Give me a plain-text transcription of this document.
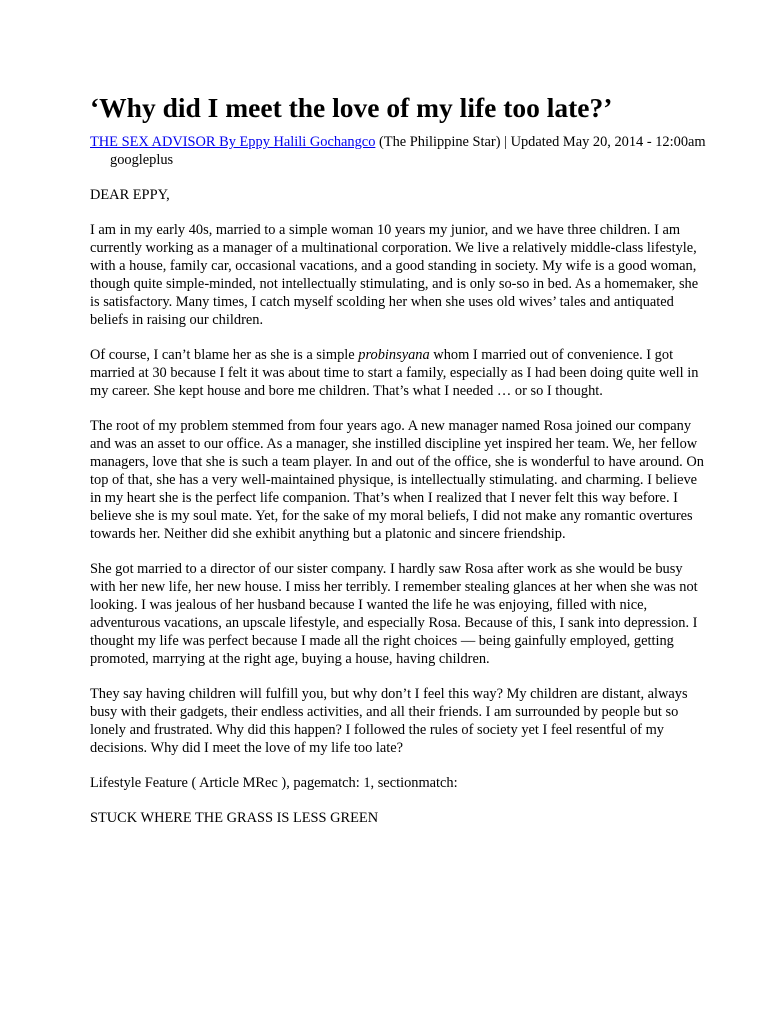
‘Why did I meet the love of my life too late?’
THE SEX ADVISOR By Eppy Halili Gochangco (The Philippine Star) | Updated May 20, 2014 - 12:00am
googleplus

DEAR EPPY,

I am in my early 40s, married to a simple woman 10 years my junior, and we have three children. I am currently working as a manager of a multinational corporation. We live a relatively middle-class lifestyle, with a house, family car, occasional vacations, and a good standing in society. My wife is a good woman, though quite simple-minded, not intellectually stimulating, and is only so-so in bed. As a homemaker, she is satisfactory. Many times, I catch myself scolding her when she uses old wives’ tales and antiquated beliefs in raising our children.

Of course, I can’t blame her as she is a simple probinsyana whom I married out of convenience. I got married at 30 because I felt it was about time to start a family, especially as I had been doing quite well in my career. She kept house and bore me children. That’s what I needed … or so I thought.

The root of my problem stemmed from four years ago. A new manager named Rosa joined our company and was an asset to our office. As a manager, she instilled discipline yet inspired her team. We, her fellow managers, love that she is such a team player. In and out of the office, she is wonderful to have around. On top of that, she has a very well-maintained physique, is intellectually stimulating. and charming. I believe in my heart she is the perfect life companion. That’s when I realized that I never felt this way before. I believe she is my soul mate. Yet, for the sake of my moral beliefs, I did not make any romantic overtures towards her. Neither did she exhibit anything but a platonic and sincere friendship.

She got married to a director of our sister company. I hardly saw Rosa after work as she would be busy with her new life, her new house. I miss her terribly. I remember stealing glances at her when she was not looking. I was jealous of her husband because I wanted the life he was enjoying, filled with nice, adventurous vacations, an upscale lifestyle, and especially Rosa. Because of this, I sank into depression. I thought my life was perfect because I made all the right choices — being gainfully employed, getting promoted, marrying at the right age, buying a house, having children.

They say having children will fulfill you, but why don’t I feel this way? My children are distant, always busy with their gadgets, their endless activities, and all their friends. I am surrounded by people but so lonely and frustrated. Why did this happen? I followed the rules of society yet I feel resentful of my decisions. Why did I meet the love of my life too late?

Lifestyle Feature ( Article MRec ), pagematch: 1, sectionmatch:

STUCK WHERE THE GRASS IS LESS GREEN
